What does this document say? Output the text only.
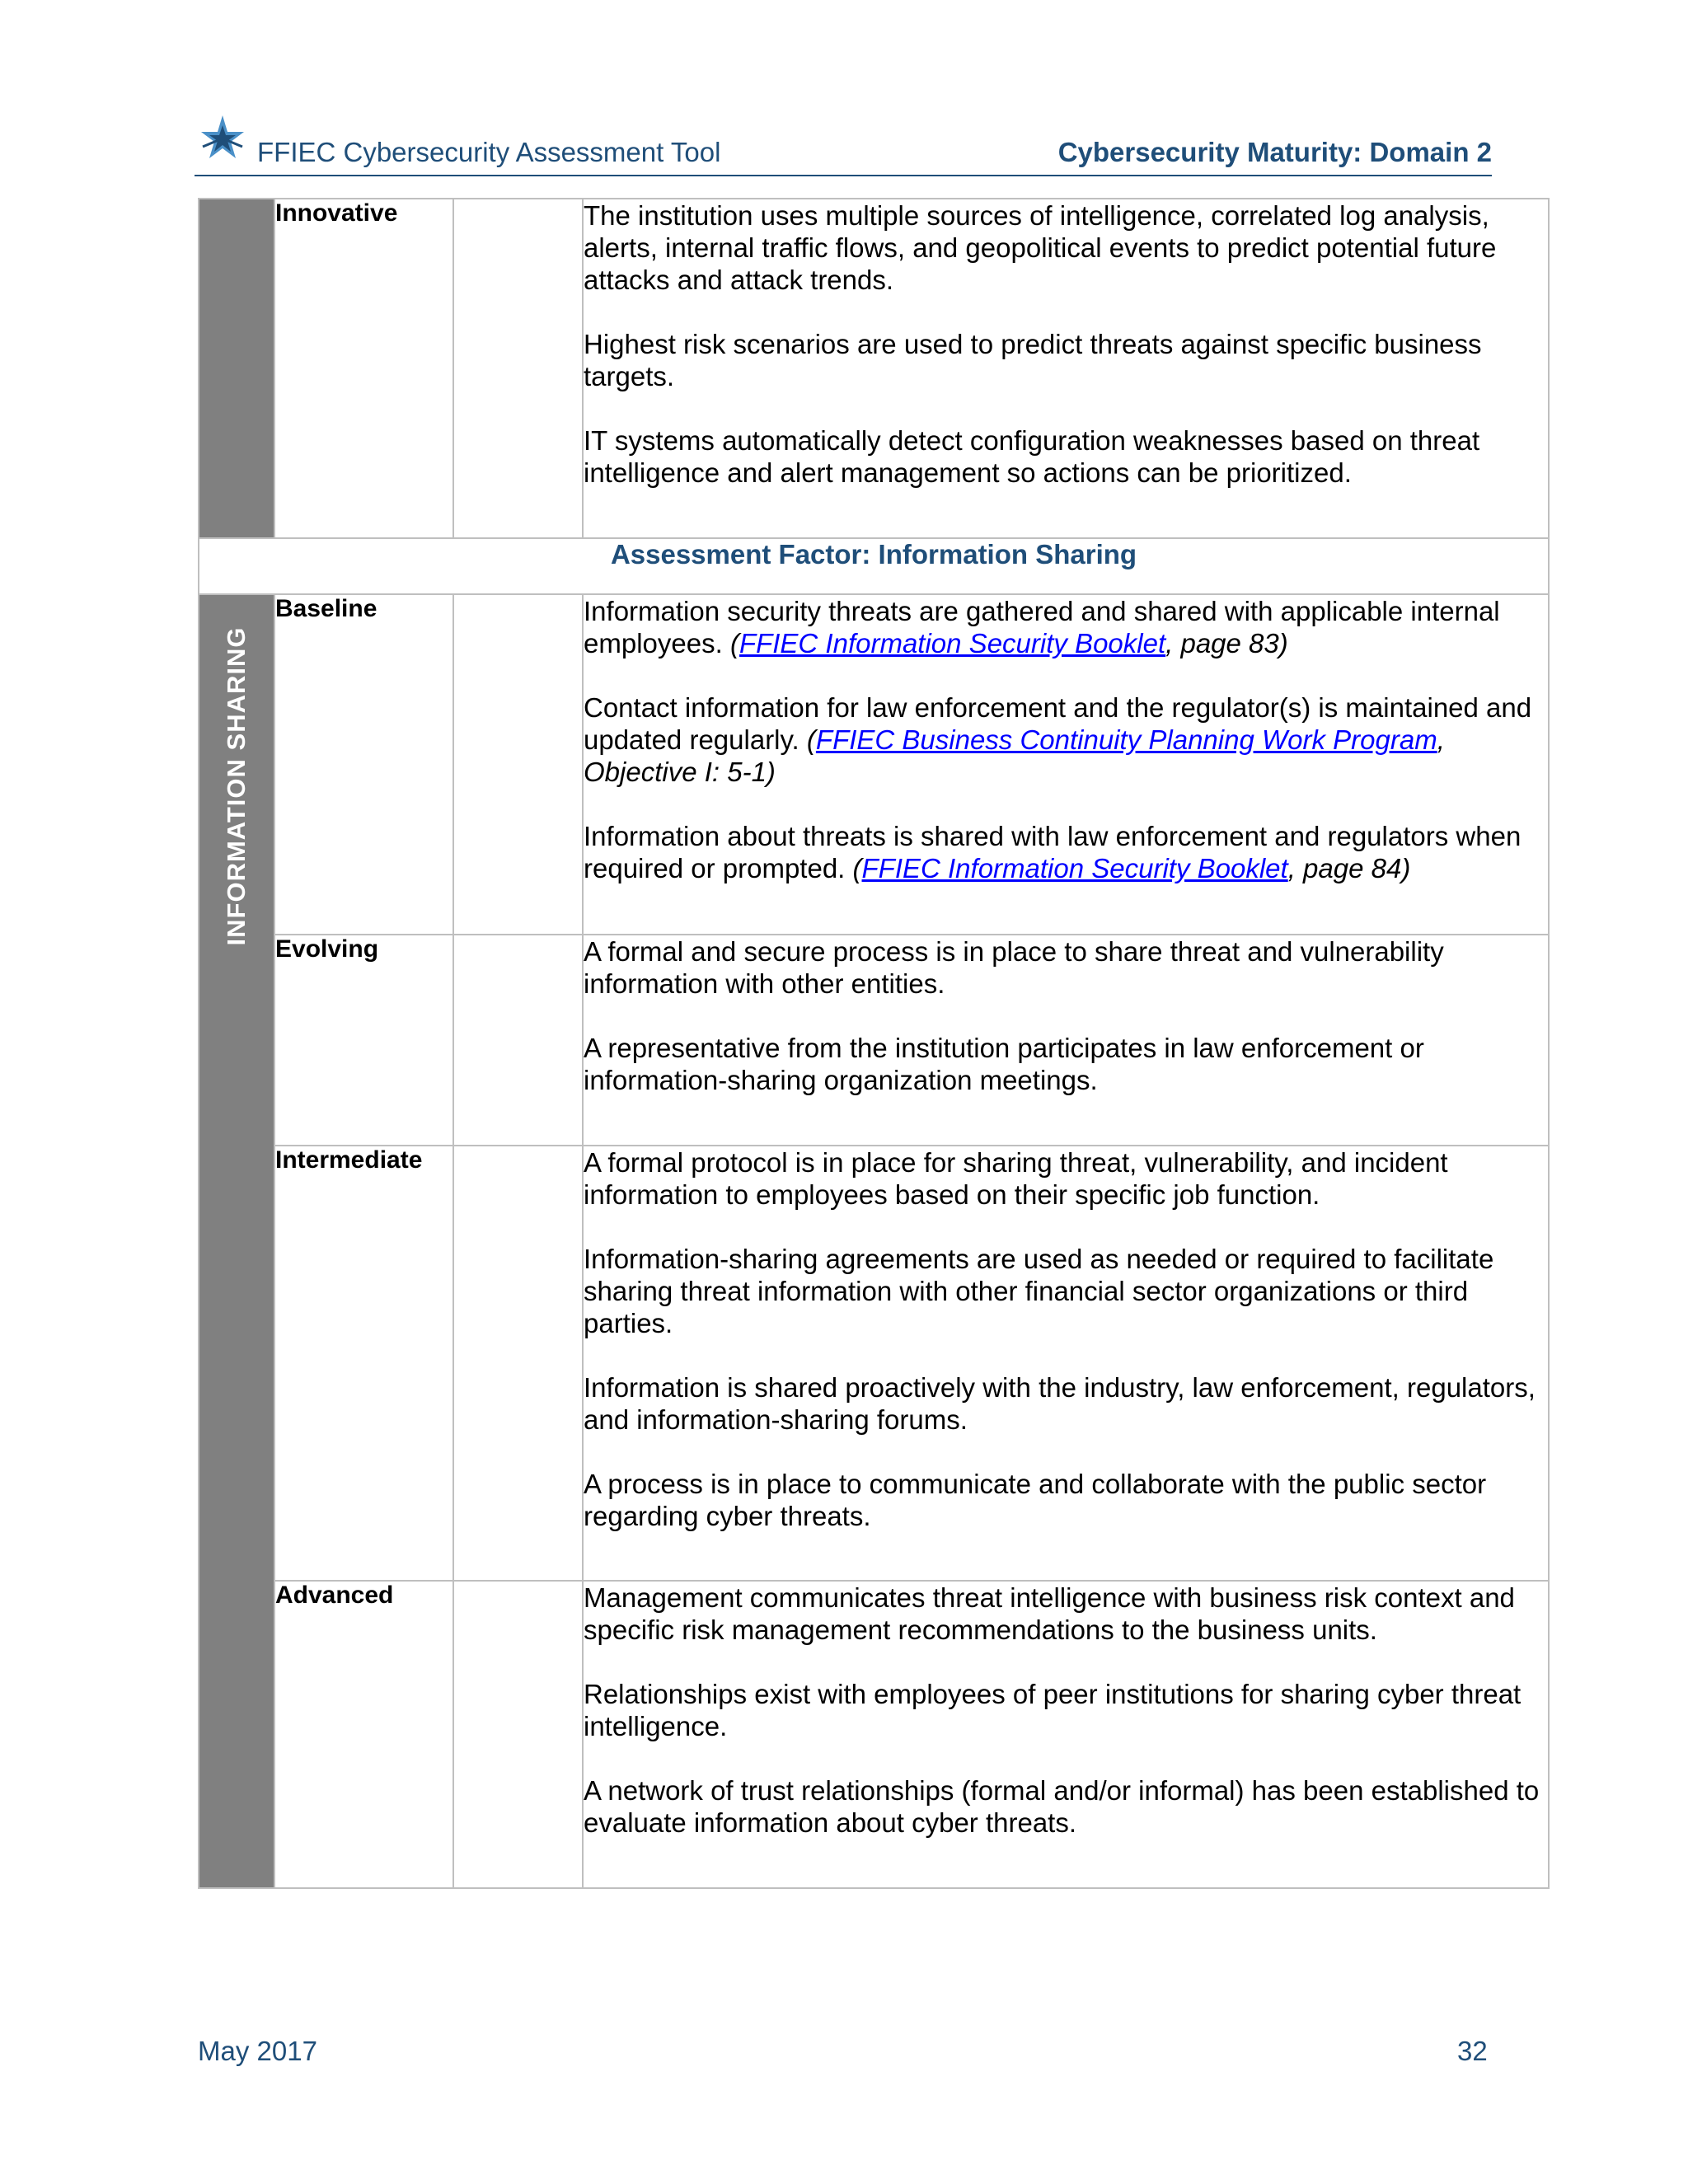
FFIEC Cybersecurity Assessment Tool	Cybersecurity Maturity: Domain 2
	Innovative		The institution uses multiple sources of intelligence, correlated log analysis, alerts, internal traffic flows, and geopolitical events to predict potential future attacks and attack trends.

Highest risk scenarios are used to predict threats against specific business targets.

IT systems automatically detect configuration weaknesses based on threat intelligence and alert management so actions can be prioritized.

Assessment Factor: Information Sharing			

INFORMATION SHARING	Baseline		Information security threats are gathered and shared with applicable internal employees. (FFIEC Information Security Booklet, page 83)

Contact information for law enforcement and the regulator(s) is maintained and updated regularly. (FFIEC Business Continuity Planning Work Program, Objective I: 5-1)

Information about threats is shared with law enforcement and regulators when required or prompted. (FFIEC Information Security Booklet, page 84)

	Evolving		A formal and secure process is in place to share threat and vulnerability information with other entities.

A representative from the institution participates in law enforcement or information-sharing organization meetings.

	Intermediate		A formal protocol is in place for sharing threat, vulnerability, and incident information to employees based on their specific job function.

Information-sharing agreements are used as needed or required to facilitate sharing threat information with other financial sector organizations or third parties.

Information is shared proactively with the industry, law enforcement, regulators, and information-sharing forums.

A process is in place to communicate and collaborate with the public sector regarding cyber threats.

	Advanced		Management communicates threat intelligence with business risk context and specific risk management recommendations to the business units.

Relationships exist with employees of peer institutions for sharing cyber threat intelligence.

A network of trust relationships (formal and/or informal) has been established to evaluate information about cyber threats.

May 2017	32
